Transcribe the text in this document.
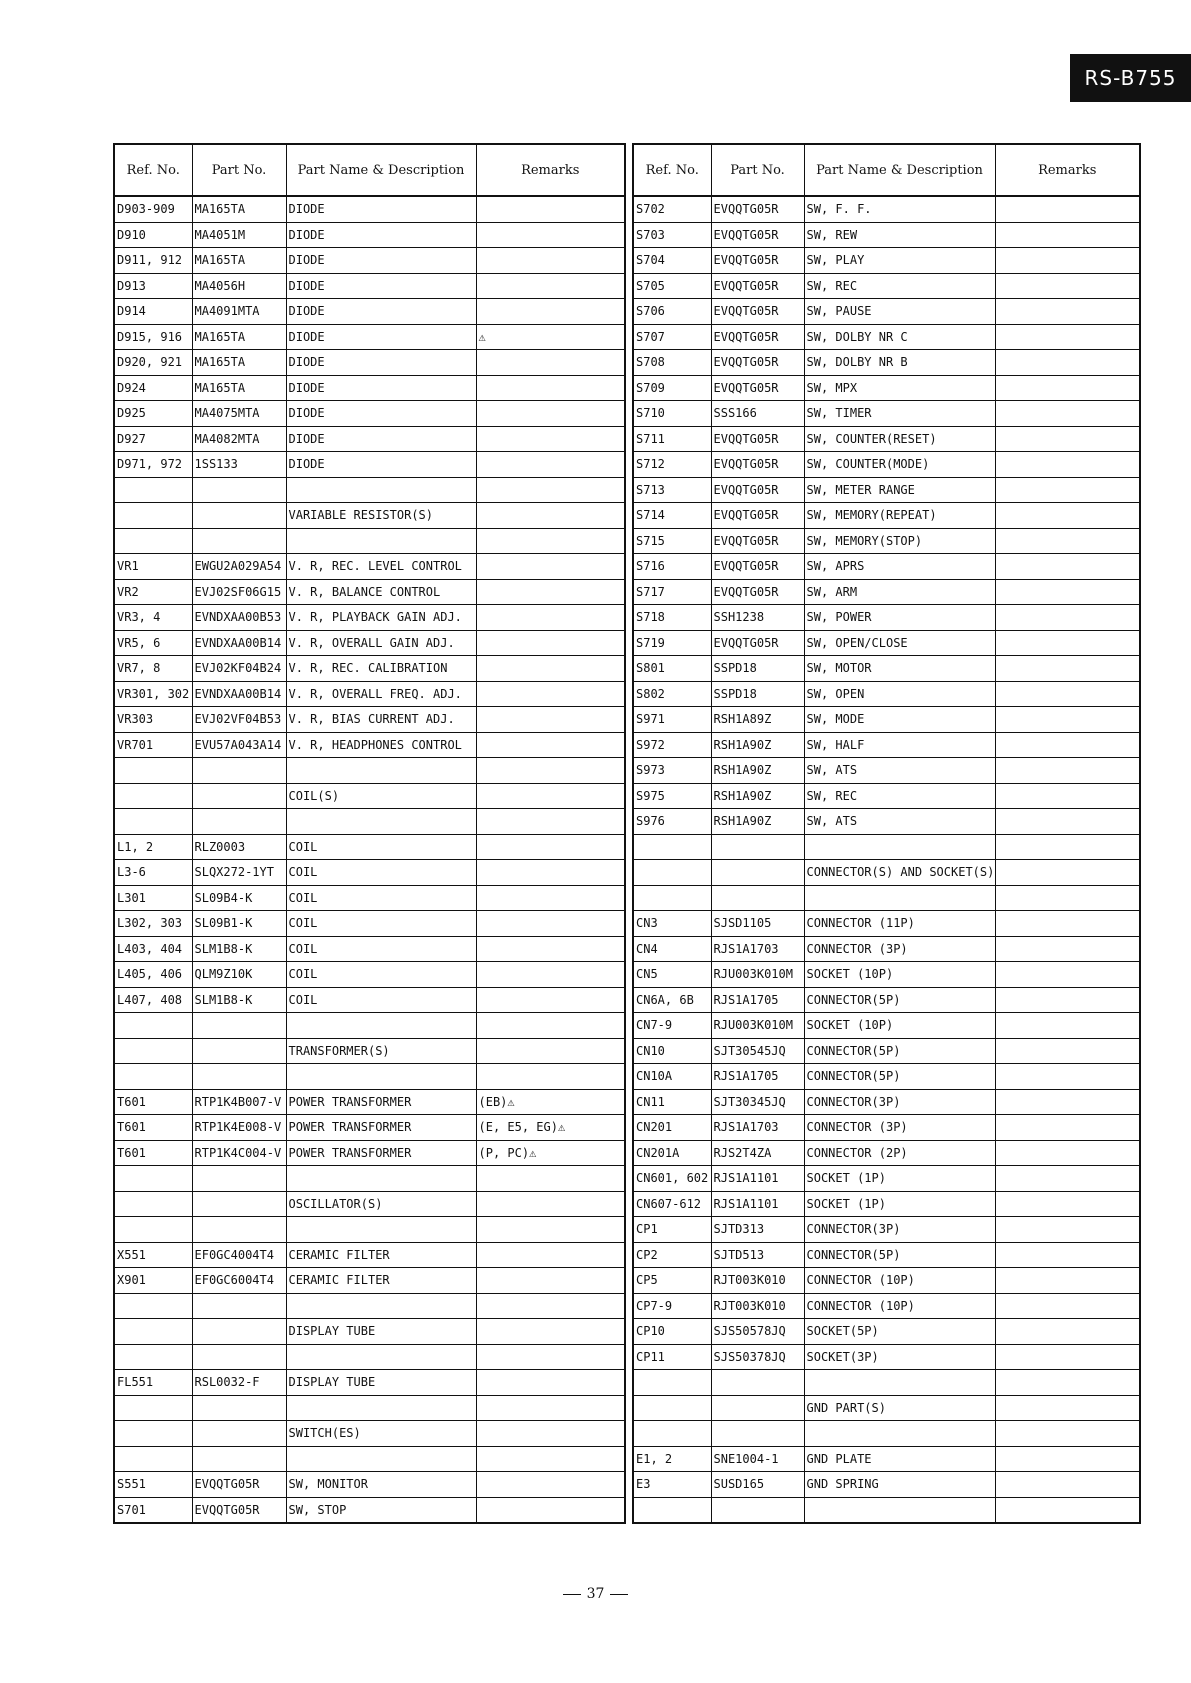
RS-B755
Ref. No.	Part No.	Part Name & Description	Remarks
D903-909	MA165TA	DIODE	
D910	MA4051M	DIODE	
D911, 912	MA165TA	DIODE	
D913	MA4056H	DIODE	
D914	MA4091MTA	DIODE	
D915, 916	MA165TA	DIODE	⚠
D920, 921	MA165TA	DIODE	
D924	MA165TA	DIODE	
D925	MA4075MTA	DIODE	
D927	MA4082MTA	DIODE	
D971, 972	1SS133	DIODE	

		VARIABLE RESISTOR(S)	

VR1	EWGU2A029A54	V. R, REC. LEVEL CONTROL	
VR2	EVJ02SF06G15	V. R, BALANCE CONTROL	
VR3, 4	EVNDXAA00B53	V. R, PLAYBACK GAIN ADJ.	
VR5, 6	EVNDXAA00B14	V. R, OVERALL GAIN ADJ.	
VR7, 8	EVJ02KF04B24	V. R, REC. CALIBRATION	
VR301, 302	EVNDXAA00B14	V. R, OVERALL FREQ. ADJ.	
VR303	EVJ02VF04B53	V. R, BIAS CURRENT ADJ.	
VR701	EVU57A043A14	V. R, HEADPHONES CONTROL	

		COIL(S)	

L1, 2	RLZ0003	COIL	
L3-6	SLQX272-1YT	COIL	
L301	SL09B4-K	COIL	
L302, 303	SL09B1-K	COIL	
L403, 404	SLM1B8-K	COIL	
L405, 406	QLM9Z10K	COIL	
L407, 408	SLM1B8-K	COIL	

		TRANSFORMER(S)	

T601	RTP1K4B007-V	POWER TRANSFORMER	(EB)⚠
T601	RTP1K4E008-V	POWER TRANSFORMER	(E, E5, EG)⚠
T601	RTP1K4C004-V	POWER TRANSFORMER	(P, PC)⚠

		OSCILLATOR(S)	

X551	EF0GC4004T4	CERAMIC FILTER	
X901	EF0GC6004T4	CERAMIC FILTER	

		DISPLAY TUBE	

FL551	RSL0032-F	DISPLAY TUBE	

		SWITCH(ES)	

S551	EVQQTG05R	SW, MONITOR	
S701	EVQQTG05R	SW, STOP	
Ref. No.	Part No.	Part Name & Description	Remarks
S702	EVQQTG05R	SW, F. F.	
S703	EVQQTG05R	SW, REW	
S704	EVQQTG05R	SW, PLAY	
S705	EVQQTG05R	SW, REC	
S706	EVQQTG05R	SW, PAUSE	
S707	EVQQTG05R	SW, DOLBY NR C	
S708	EVQQTG05R	SW, DOLBY NR B	
S709	EVQQTG05R	SW, MPX	
S710	SSS166	SW, TIMER	
S711	EVQQTG05R	SW, COUNTER(RESET)	
S712	EVQQTG05R	SW, COUNTER(MODE)	
S713	EVQQTG05R	SW, METER RANGE	
S714	EVQQTG05R	SW, MEMORY(REPEAT)	
S715	EVQQTG05R	SW, MEMORY(STOP)	
S716	EVQQTG05R	SW, APRS	
S717	EVQQTG05R	SW, ARM	
S718	SSH1238	SW, POWER	
S719	EVQQTG05R	SW, OPEN/CLOSE	
S801	SSPD18	SW, MOTOR	
S802	SSPD18	SW, OPEN	
S971	RSH1A89Z	SW, MODE	
S972	RSH1A90Z	SW, HALF	
S973	RSH1A90Z	SW, ATS	
S975	RSH1A90Z	SW, REC	
S976	RSH1A90Z	SW, ATS	

		CONNECTOR(S) AND SOCKET(S)	

CN3	SJSD1105	CONNECTOR (11P)	
CN4	RJS1A1703	CONNECTOR (3P)	
CN5	RJU003K010M	SOCKET (10P)	
CN6A, 6B	RJS1A1705	CONNECTOR(5P)	
CN7-9	RJU003K010M	SOCKET (10P)	
CN10	SJT30545JQ	CONNECTOR(5P)	
CN10A	RJS1A1705	CONNECTOR(5P)	
CN11	SJT30345JQ	CONNECTOR(3P)	
CN201	RJS1A1703	CONNECTOR (3P)	
CN201A	RJS2T4ZA	CONNECTOR (2P)	
CN601, 602	RJS1A1101	SOCKET (1P)	
CN607-612	RJS1A1101	SOCKET (1P)	
CP1	SJTD313	CONNECTOR(3P)	
CP2	SJTD513	CONNECTOR(5P)	
CP5	RJT003K010	CONNECTOR (10P)	
CP7-9	RJT003K010	CONNECTOR (10P)	
CP10	SJS50578JQ	SOCKET(5P)	
CP11	SJS50378JQ	SOCKET(3P)	

		GND PART(S)	

E1, 2	SNE1004-1	GND PLATE	
E3	SUSD165	GND SPRING	

37
